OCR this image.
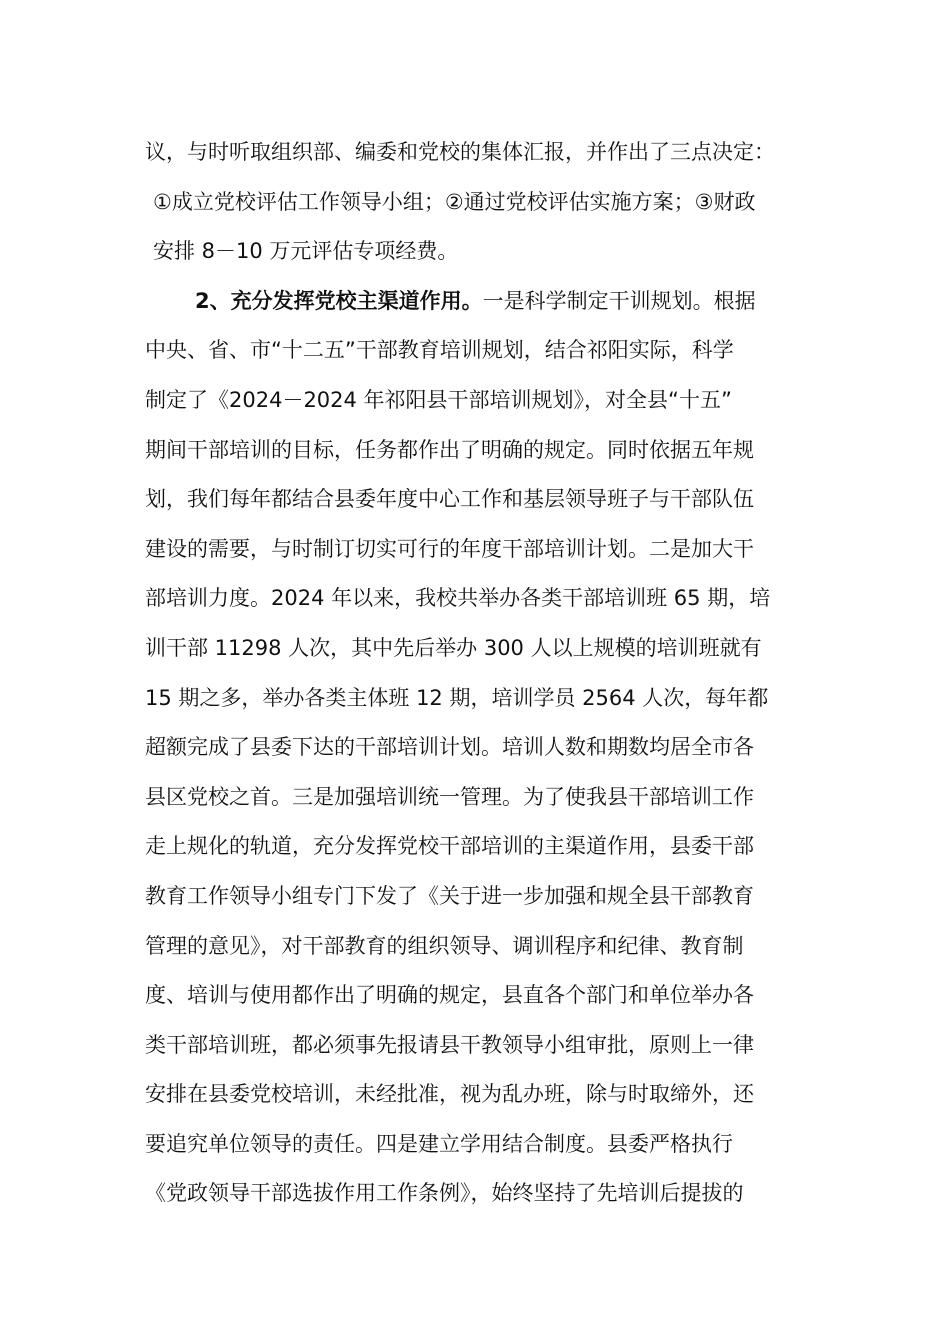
议，与时听取组织部、编委和党校的集体汇报，并作出了三点决定：
①成立党校评估工作领导小组；②通过党校评估实施方案；③财政
安排 8－10 万元评估专项经费。
2、充分发挥党校主渠道作用。一是科学制定干训规划。根据
中央、省、市“十二五”干部教育培训规划，结合祁阳实际，科学
制定了《2024－2024 年祁阳县干部培训规划》，对全县“十五”
期间干部培训的目标，任务都作出了明确的规定。同时依据五年规
划，我们每年都结合县委年度中心工作和基层领导班子与干部队伍
建设的需要，与时制订切实可行的年度干部培训计划。二是加大干
部培训力度。2024 年以来，我校共举办各类干部培训班 65 期，培
训干部 11298 人次，其中先后举办 300 人以上规模的培训班就有
15 期之多，举办各类主体班 12 期，培训学员 2564 人次，每年都
超额完成了县委下达的干部培训计划。培训人数和期数均居全市各
县区党校之首。三是加强培训统一管理。为了使我县干部培训工作
走上规化的轨道，充分发挥党校干部培训的主渠道作用，县委干部
教育工作领导小组专门下发了《关于进一步加强和规全县干部教育
管理的意见》，对干部教育的组织领导、调训程序和纪律、教育制
度、培训与使用都作出了明确的规定，县直各个部门和单位举办各
类干部培训班，都必须事先报请县干教领导小组审批，原则上一律
安排在县委党校培训，未经批准，视为乱办班，除与时取缔外，还
要追究单位领导的责任。四是建立学用结合制度。县委严格执行
《党政领导干部选拔作用工作条例》，始终坚持了先培训后提拔的
